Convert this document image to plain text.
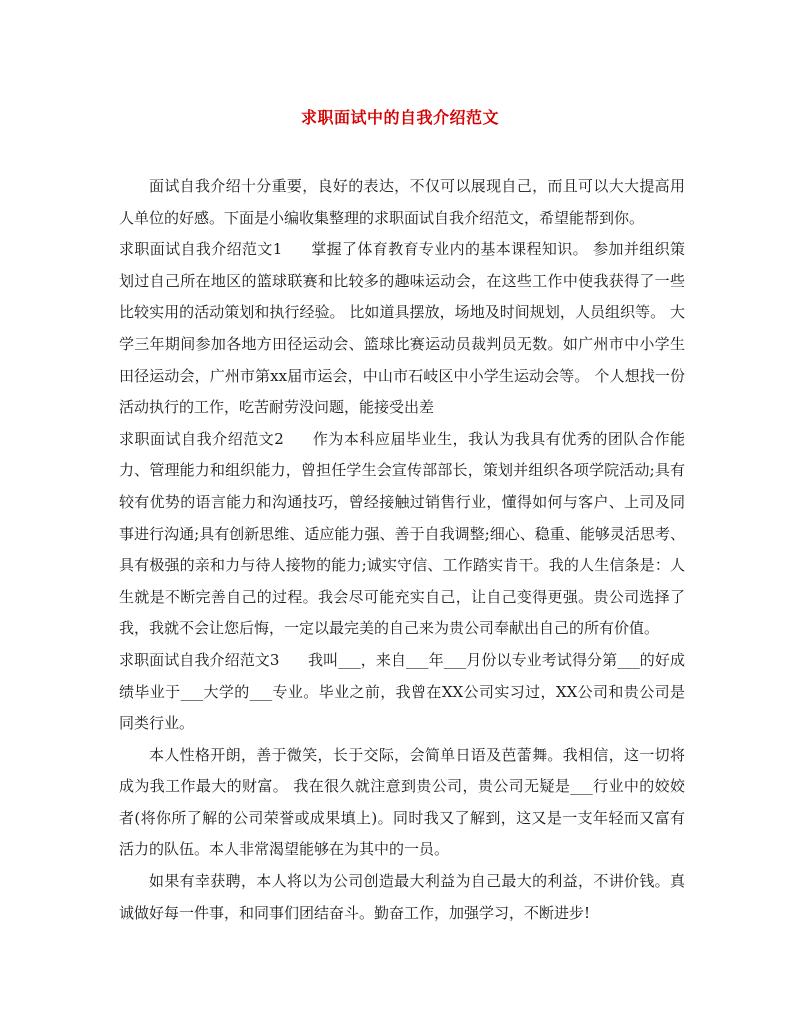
求职面试中的自我介绍范文

面试自我介绍十分重要，良好的表达，不仅可以展现自己，而且可以大大提高用人单位的好感。下面是小编收集整理的求职面试自我介绍范文，希望能帮到你。

求职面试自我介绍范文1 掌握了体育教育专业内的基本课程知识。 参加并组织策划过自己所在地区的篮球联赛和比较多的趣味运动会，在这些工作中使我获得了一些比较实用的活动策划和执行经验。 比如道具摆放，场地及时间规划，人员组织等。 大学三年期间参加各地方田径运动会、篮球比赛运动员裁判员无数。如广州市中小学生田径运动会，广州市第xx届市运会，中山市石岐区中小学生运动会等。 个人想找一份活动执行的工作，吃苦耐劳没问题，能接受出差

求职面试自我介绍范文2 作为本科应届毕业生，我认为我具有优秀的团队合作能力、管理能力和组织能力，曾担任学生会宣传部部长，策划并组织各项学院活动;具有较有优势的语言能力和沟通技巧，曾经接触过销售行业，懂得如何与客户、上司及同事进行沟通;具有创新思维、适应能力强、善于自我调整;细心、稳重、能够灵活思考、具有极强的亲和力与待人接物的能力;诚实守信、工作踏实肯干。我的人生信条是：人生就是不断完善自己的过程。我会尽可能充实自己，让自己变得更强。贵公司选择了我，我就不会让您后悔，一定以最完美的自己来为贵公司奉献出自己的所有价值。

求职面试自我介绍范文3 我叫___，来自___年___月份以专业考试得分第___的好成绩毕业于___大学的___专业。毕业之前，我曾在XX公司实习过，XX公司和贵公司是同类行业。

本人性格开朗，善于微笑，长于交际，会简单日语及芭蕾舞。我相信，这一切将成为我工作最大的财富。 我在很久就注意到贵公司，贵公司无疑是___行业中的姣姣者(将你所了解的公司荣誉或成果填上)。同时我又了解到，这又是一支年轻而又富有活力的队伍。本人非常渴望能够在为其中的一员。

如果有幸获聘，本人将以为公司创造最大利益为自己最大的利益，不讲价钱。真诚做好每一件事，和同事们团结奋斗。勤奋工作，加强学习，不断进步!
